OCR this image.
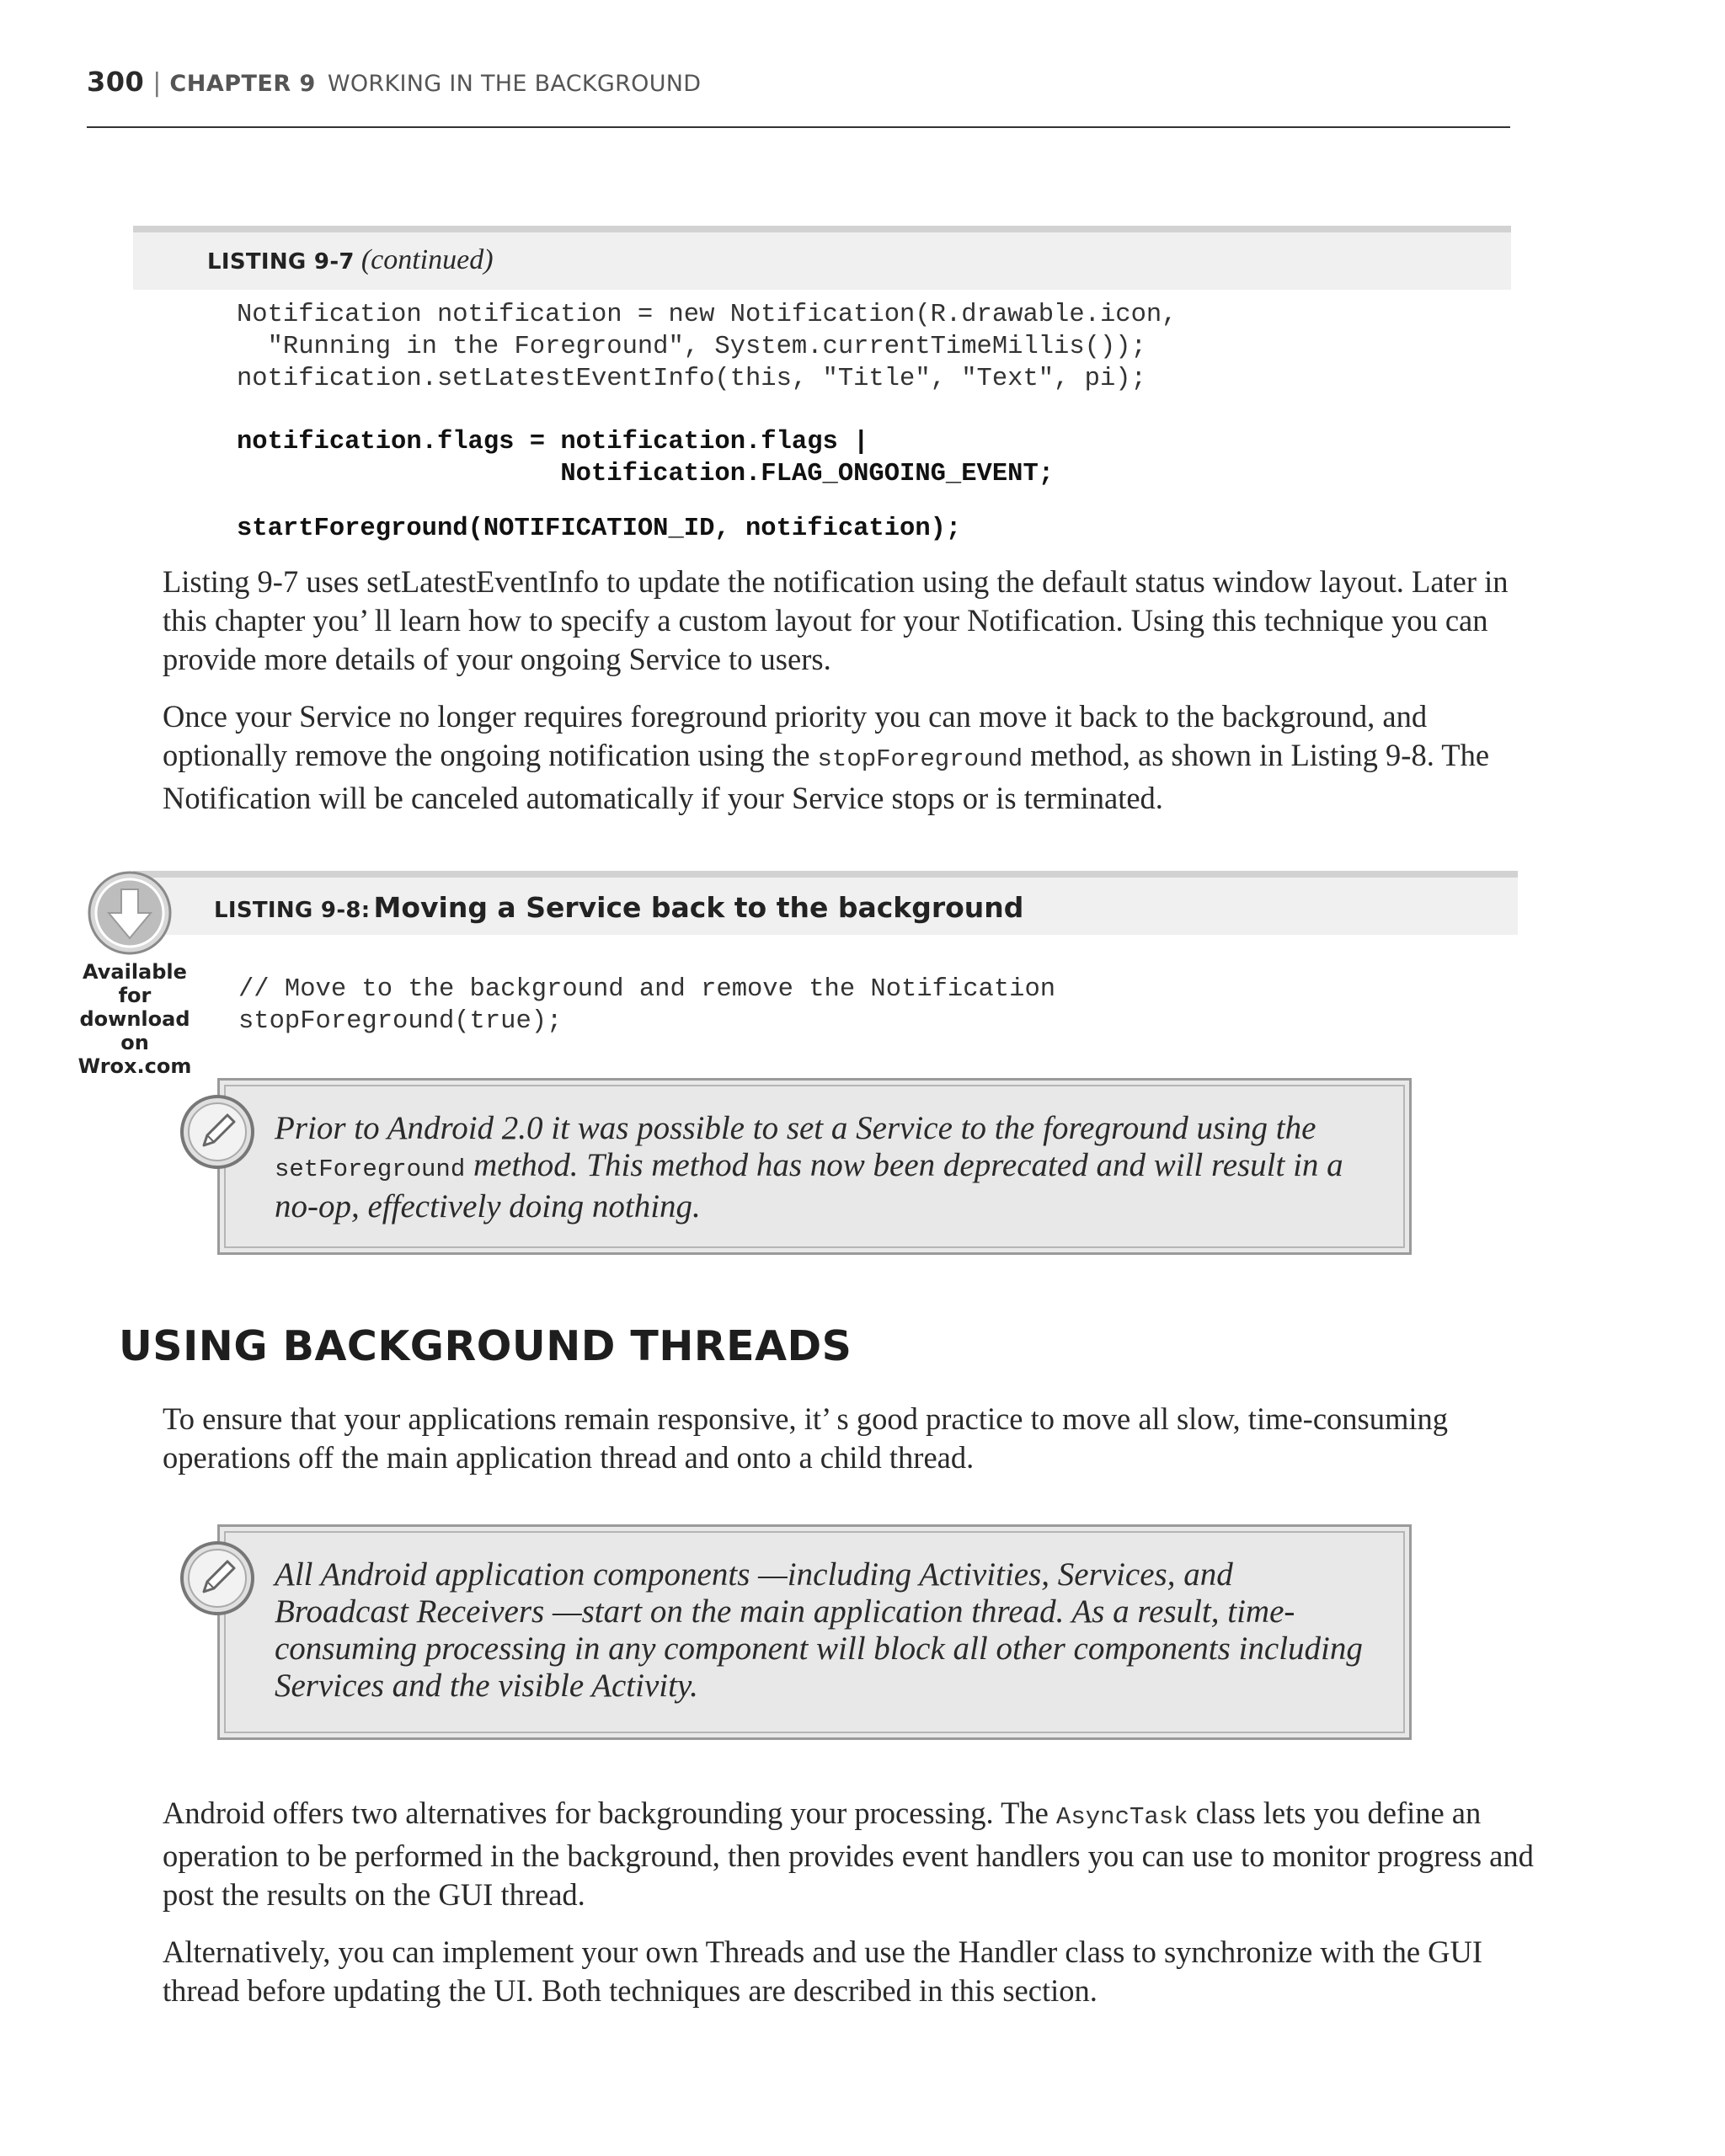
300 | CHAPTER 9 WORKING IN THE BACKGROUND
LISTING 9-7 (continued)
Notification notification = new Notification(R.drawable.icon,
"Running in the Foreground", System.currentTimeMillis());
notification.setLatestEventInfo(this, "Title", "Text", pi);
notification.flags = notification.flags |
Notification.FLAG_ONGOING_EVENT;
startForeground(NOTIFICATION_ID, notification);

Listing 9-7 uses setLatestEventInfo to update the notification using the default status window layout. Later in this chapter you’ ll learn how to specify a custom layout for your Notification. Using this technique you can provide more details of your ongoing Service to users.

Once your Service no longer requires foreground priority you can move it back to the background, and optionally remove the ongoing notification using the stopForeground method, as shown in Listing 9-8. The Notification will be canceled automatically if your Service stops or is terminated.

LISTING 9-8: Moving a Service back to the background
Available for
download on
Wrox.com
// Move to the background and remove the Notification
stopForeground(true);
Prior to Android 2.0 it was possible to set a Service to the foreground using the setForeground method. This method has now been deprecated and will result in a no-op, effectively doing nothing.
USING BACKGROUND THREADS

To ensure that your applications remain responsive, it’ s good practice to move all slow, time-consuming operations off the main application thread and onto a child thread.

All Android application components —including Activities, Services, and Broadcast Receivers —start on the main application thread. As a result, time-consuming processing in any component will block all other components including Services and the visible Activity.

Android offers two alternatives for backgrounding your processing. The AsyncTask class lets you define an operation to be performed in the background, then provides event handlers you can use to monitor progress and post the results on the GUI thread.

Alternatively, you can implement your own Threads and use the Handler class to synchronize with the GUI thread before updating the UI. Both techniques are described in this section.
